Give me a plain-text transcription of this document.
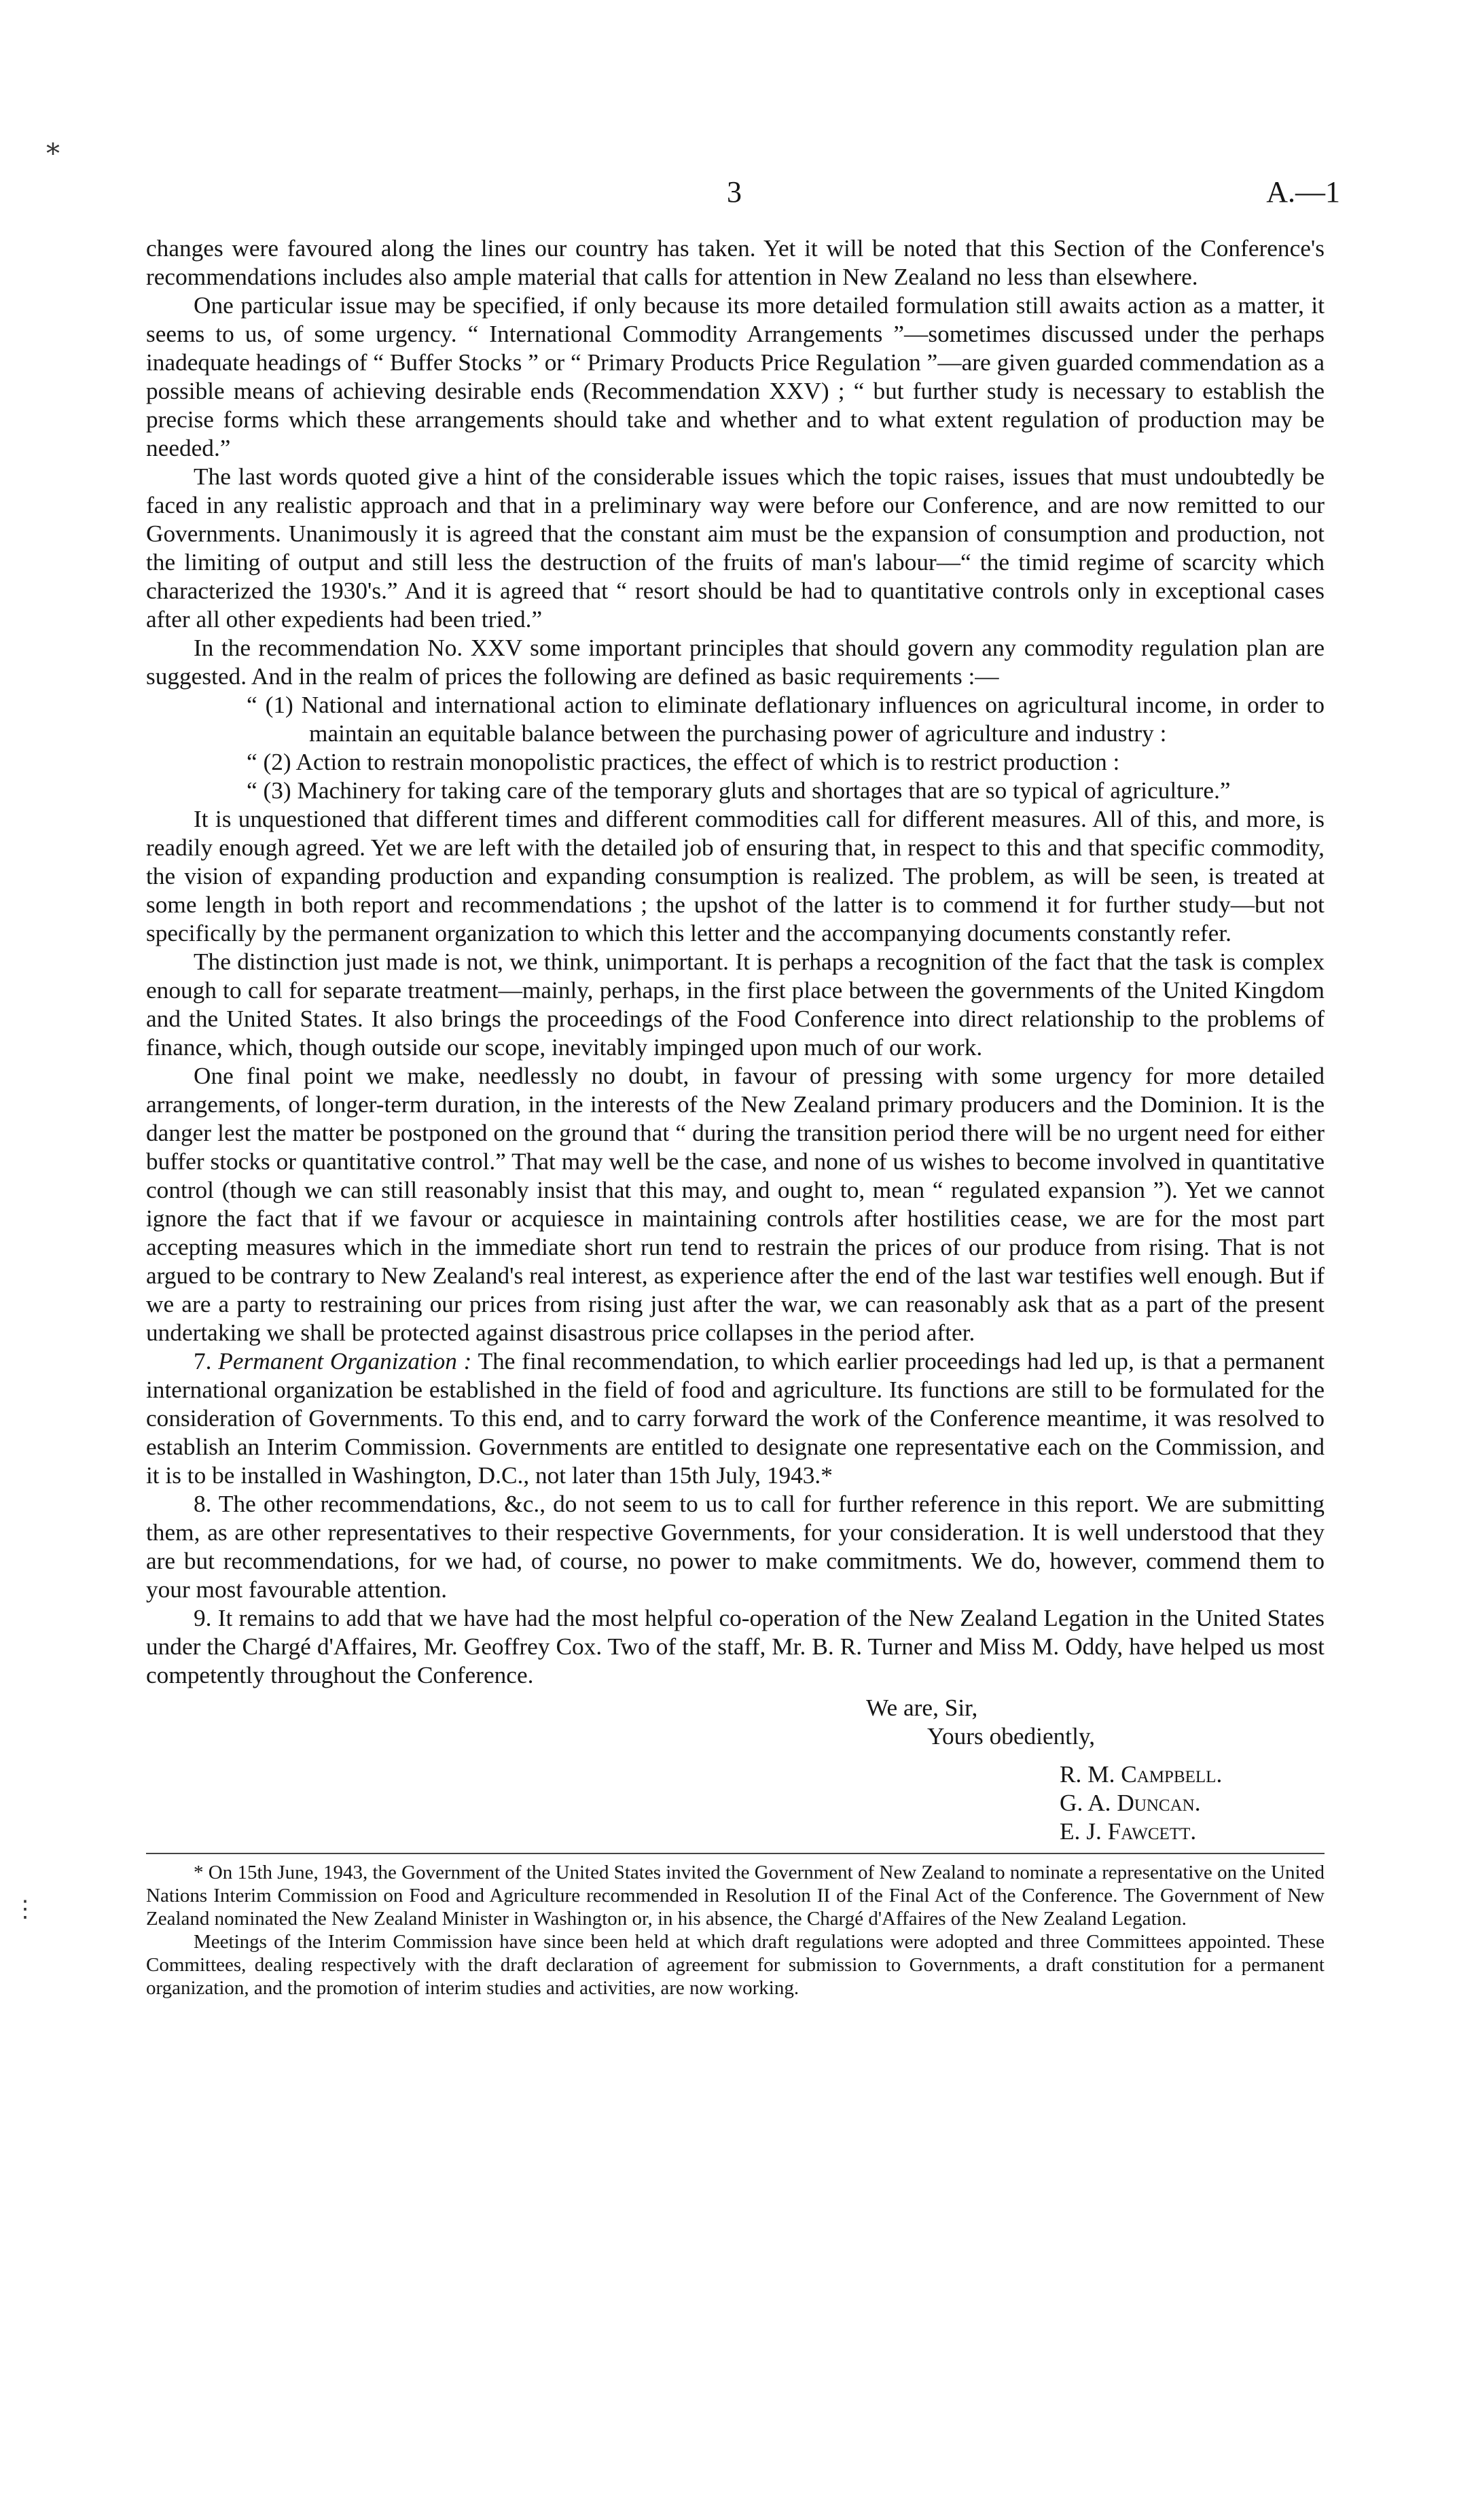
⁎
⋮
3	A.—1

changes were favoured along the lines our country has taken. Yet it will be noted that this Section of the Conference's recommendations includes also ample material that calls for attention in New Zealand no less than elsewhere.

One particular issue may be specified, if only because its more detailed formulation still awaits action as a matter, it seems to us, of some urgency. “ International Commodity Arrangements ”—sometimes discussed under the perhaps inadequate headings of “ Buffer Stocks ” or “ Primary Products Price Regulation ”—are given guarded commendation as a possible means of achieving desirable ends (Recommendation XXV) ; “ but further study is necessary to establish the precise forms which these arrangements should take and whether and to what extent regulation of production may be needed.”

The last words quoted give a hint of the considerable issues which the topic raises, issues that must undoubtedly be faced in any realistic approach and that in a preliminary way were before our Conference, and are now remitted to our Governments. Unanimously it is agreed that the constant aim must be the expansion of consumption and production, not the limiting of output and still less the destruction of the fruits of man's labour—“ the timid regime of scarcity which characterized the 1930's.” And it is agreed that “ resort should be had to quantitative controls only in exceptional cases after all other expedients had been tried.”

In the recommendation No. XXV some important principles that should govern any commodity regulation plan are suggested. And in the realm of prices the following are defined as basic requirements :—

“ (1) National and international action to eliminate deflationary influences on agricultural income, in order to maintain an equitable balance between the purchasing power of agriculture and industry :

“ (2) Action to restrain monopolistic practices, the effect of which is to restrict production :

“ (3) Machinery for taking care of the temporary gluts and shortages that are so typical of agriculture.”

It is unquestioned that different times and different commodities call for different measures. All of this, and more, is readily enough agreed. Yet we are left with the detailed job of ensuring that, in respect to this and that specific commodity, the vision of expanding production and expanding consumption is realized. The problem, as will be seen, is treated at some length in both report and recommendations ; the upshot of the latter is to commend it for further study—but not specifically by the permanent organization to which this letter and the accompanying documents constantly refer.

The distinction just made is not, we think, unimportant. It is perhaps a recognition of the fact that the task is complex enough to call for separate treatment—mainly, perhaps, in the first place between the governments of the United Kingdom and the United States. It also brings the proceedings of the Food Conference into direct relationship to the problems of finance, which, though outside our scope, inevitably impinged upon much of our work.

One final point we make, needlessly no doubt, in favour of pressing with some urgency for more detailed arrangements, of longer-term duration, in the interests of the New Zealand primary producers and the Dominion. It is the danger lest the matter be postponed on the ground that “ during the transition period there will be no urgent need for either buffer stocks or quantitative control.” That may well be the case, and none of us wishes to become involved in quantitative control (though we can still reasonably insist that this may, and ought to, mean “ regulated expansion ”). Yet we cannot ignore the fact that if we favour or acquiesce in maintaining controls after hostilities cease, we are for the most part accepting measures which in the immediate short run tend to restrain the prices of our produce from rising. That is not argued to be contrary to New Zealand's real interest, as experience after the end of the last war testifies well enough. But if we are a party to restraining our prices from rising just after the war, we can reasonably ask that as a part of the present undertaking we shall be protected against disastrous price collapses in the period after.

7. Permanent Organization : The final recommendation, to which earlier proceedings had led up, is that a permanent international organization be established in the field of food and agriculture. Its functions are still to be formulated for the consideration of Governments. To this end, and to carry forward the work of the Conference meantime, it was resolved to establish an Interim Commission. Governments are entitled to designate one representative each on the Commission, and it is to be installed in Washington, D.C., not later than 15th July, 1943.*

8. The other recommendations, &c., do not seem to us to call for further reference in this report. We are submitting them, as are other representatives to their respective Governments, for your consideration. It is well understood that they are but recommendations, for we had, of course, no power to make commitments. We do, however, commend them to your most favourable attention.

9. It remains to add that we have had the most helpful co-operation of the New Zealand Legation in the United States under the Chargé d'Affaires, Mr. Geoffrey Cox. Two of the staff, Mr. B. R. Turner and Miss M. Oddy, have helped us most competently throughout the Conference.

We are, Sir,
Yours obediently,
R. M. Campbell.
G. A. Duncan.
E. J. Fawcett.

* On 15th June, 1943, the Government of the United States invited the Government of New Zealand to nominate a representative on the United Nations Interim Commission on Food and Agriculture recommended in Resolution II of the Final Act of the Conference. The Government of New Zealand nominated the New Zealand Minister in Washington or, in his absence, the Chargé d'Affaires of the New Zealand Legation.

Meetings of the Interim Commission have since been held at which draft regulations were adopted and three Committees appointed. These Committees, dealing respectively with the draft declaration of agreement for submission to Governments, a draft constitution for a permanent organization, and the promotion of interim studies and activities, are now working.
